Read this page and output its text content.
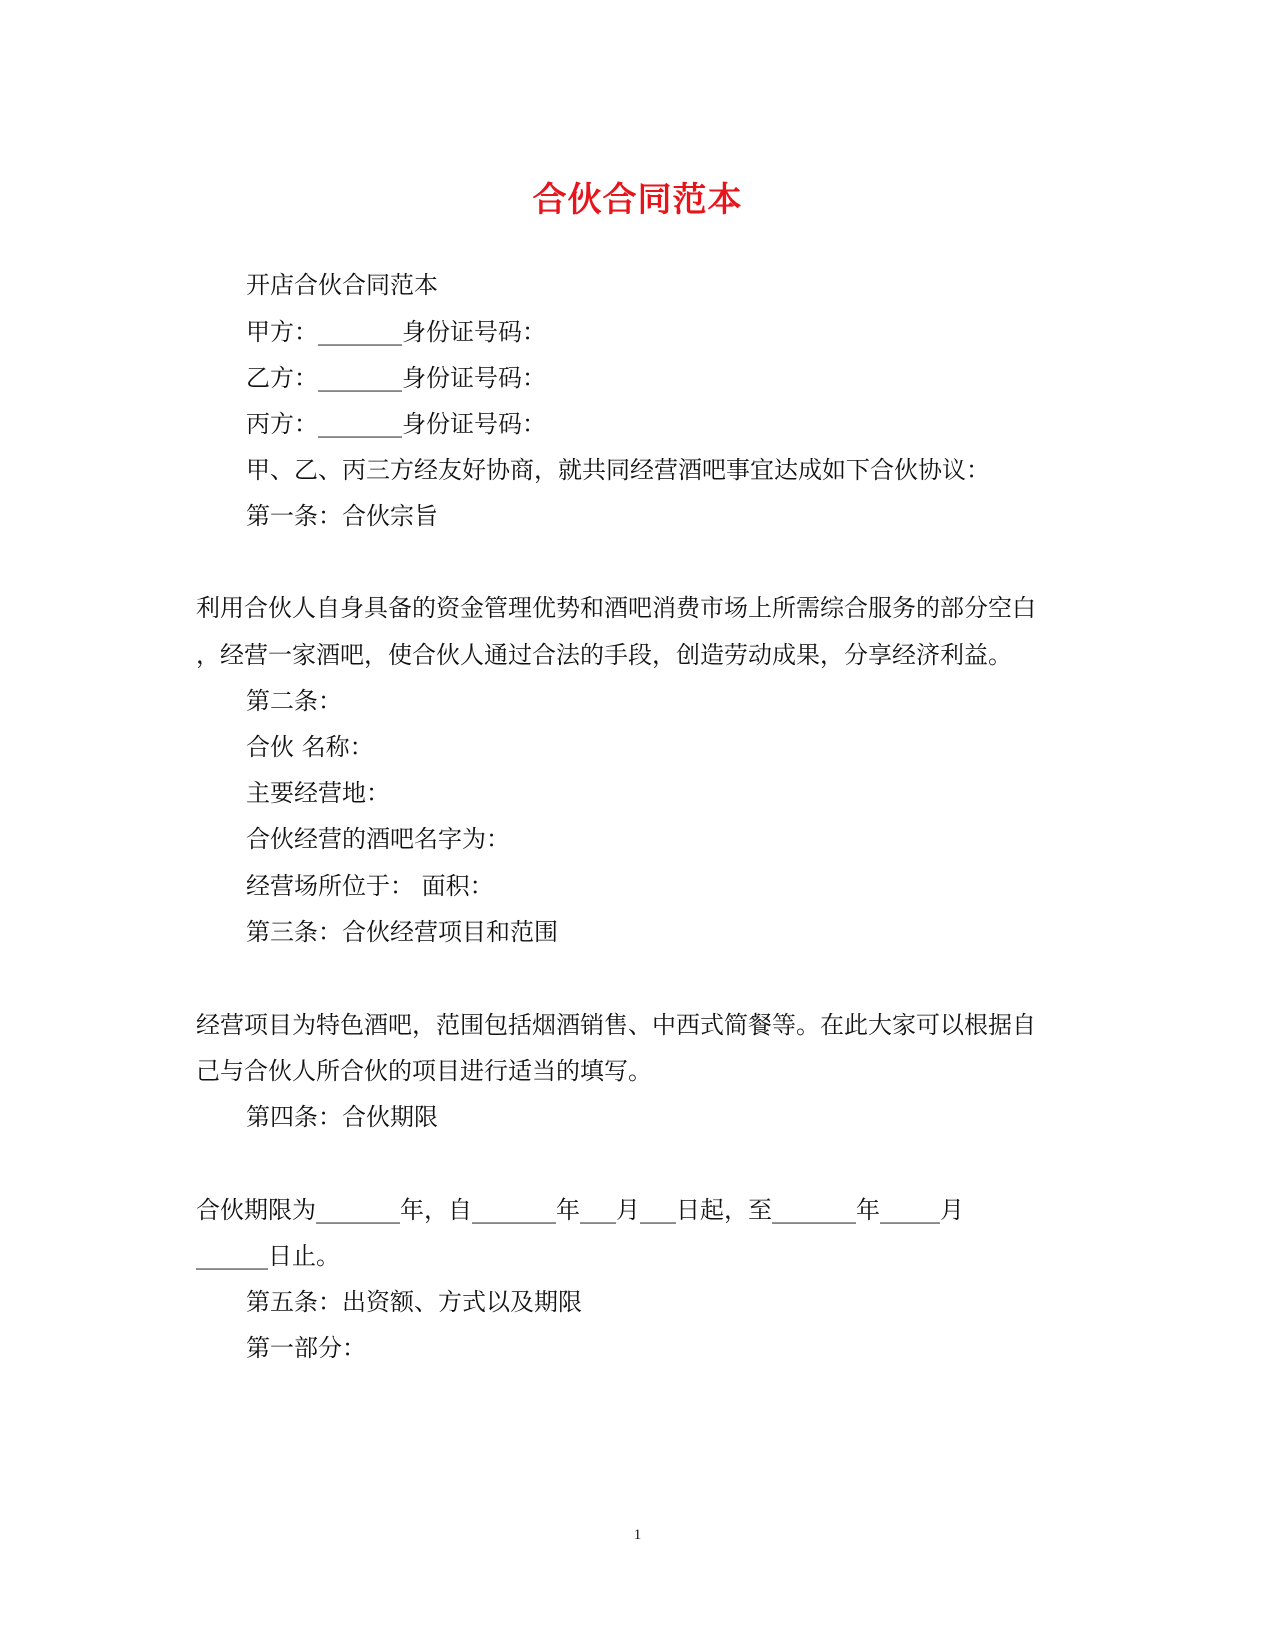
合伙合同范本
开店合伙合同范本
甲方：_______身份证号码：
乙方：_______身份证号码：
丙方：_______身份证号码：
甲、乙、丙三方经友好协商，就共同经营酒吧事宜达成如下合伙协议：
第一条：合伙宗旨
利用合伙人自身具备的资金管理优势和酒吧消费市场上所需综合服务的部分空白
，经营一家酒吧，使合伙人通过合法的手段，创造劳动成果，分享经济利益。
第二条：
合伙 名称：
主要经营地：
合伙经营的酒吧名字为：
经营场所位于： 面积：
第三条：合伙经营项目和范围
经营项目为特色酒吧，范围包括烟酒销售、中西式简餐等。在此大家可以根据自
己与合伙人所合伙的项目进行适当的填写。
第四条：合伙期限
合伙期限为_______年，自_______年___月___日起，至_______年_____月
______日止。
第五条：出资额、方式以及期限
第一部分：
1
